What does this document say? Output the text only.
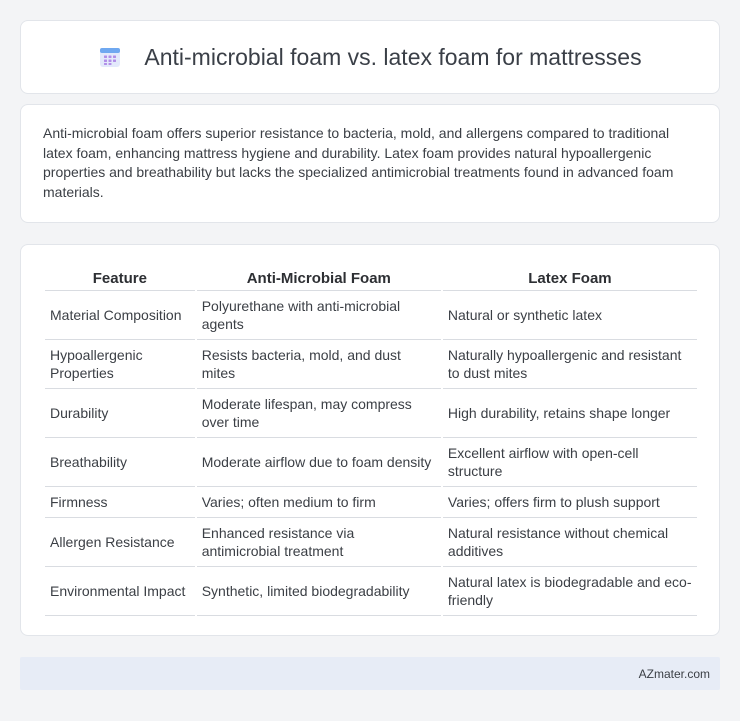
Anti-microbial foam vs. latex foam for mattresses

Anti-microbial foam offers superior resistance to bacteria, mold, and allergens compared to traditional latex foam, enhancing mattress hygiene and durability. Latex foam provides natural hypoallergenic properties and breathability but lacks the specialized antimicrobial treatments found in advanced foam materials.

Feature	Anti-Microbial Foam	Latex Foam
Material Composition	Polyurethane with anti-microbial agents	Natural or synthetic latex
Hypoallergenic Properties	Resists bacteria, mold, and dust mites	Naturally hypoallergenic and resistant to dust mites
Durability	Moderate lifespan, may compress over time	High durability, retains shape longer
Breathability	Moderate airflow due to foam density	Excellent airflow with open-cell structure
Firmness	Varies; often medium to firm	Varies; offers firm to plush support
Allergen Resistance	Enhanced resistance via antimicrobial treatment	Natural resistance without chemical additives
Environmental Impact	Synthetic, limited biodegradability	Natural latex is biodegradable and eco-friendly
AZmater.com
